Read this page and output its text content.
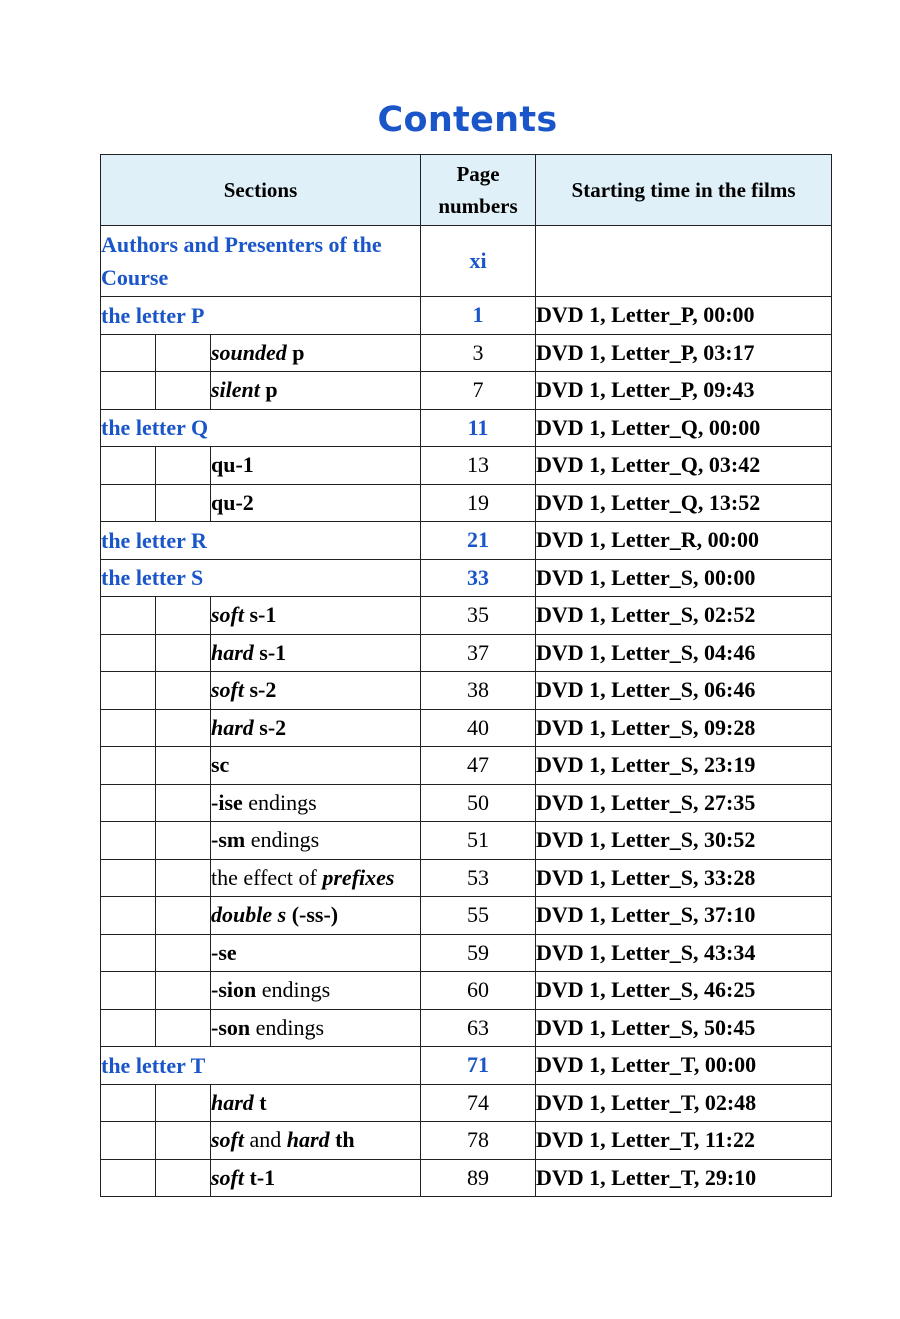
Contents
Sections			Page numbers	Starting time in the films
Authors and Presenters of the Course			xi	
the letter P			1	DVD 1, Letter_P, 00:00
		sounded p	3	DVD 1, Letter_P, 03:17
		silent p	7	DVD 1, Letter_P, 09:43
the letter Q			11	DVD 1, Letter_Q, 00:00
		qu-1	13	DVD 1, Letter_Q, 03:42
		qu-2	19	DVD 1, Letter_Q, 13:52
the letter R			21	DVD 1, Letter_R, 00:00
the letter S			33	DVD 1, Letter_S, 00:00
		soft s-1	35	DVD 1, Letter_S, 02:52
		hard s-1	37	DVD 1, Letter_S, 04:46
		soft s-2	38	DVD 1, Letter_S, 06:46
		hard s-2	40	DVD 1, Letter_S, 09:28
		sc	47	DVD 1, Letter_S, 23:19
		-ise endings	50	DVD 1, Letter_S, 27:35
		-sm endings	51	DVD 1, Letter_S, 30:52
		the effect of prefixes	53	DVD 1, Letter_S, 33:28
		double s (-ss-)	55	DVD 1, Letter_S, 37:10
		-se	59	DVD 1, Letter_S, 43:34
		-sion endings	60	DVD 1, Letter_S, 46:25
		-son endings	63	DVD 1, Letter_S, 50:45
the letter T			71	DVD 1, Letter_T, 00:00
		hard t	74	DVD 1, Letter_T, 02:48
		soft and hard th	78	DVD 1, Letter_T, 11:22
		soft t-1	89	DVD 1, Letter_T, 29:10
